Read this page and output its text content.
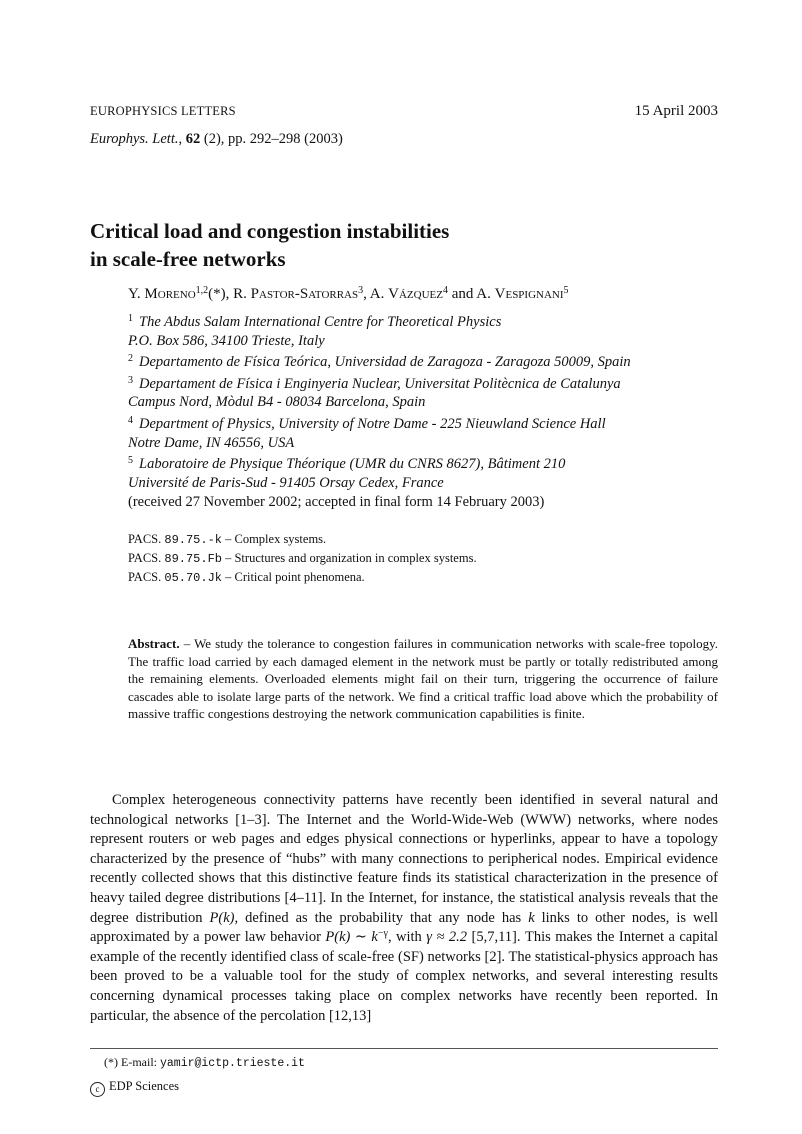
EUROPHYSICS LETTERS	15 April 2003
Europhys. Lett., 62 (2), pp. 292–298 (2003)
Critical load and congestion instabilities
in scale-free networks
Y. Moreno$^{1,2}$(*), R. Pastor-Satorras$^3$, A. Vázquez$^4$ and A. Vespignani$^5$
$^1$ The Abdus Salam International Centre for Theoretical Physics
P.O. Box 586, 34100 Trieste, Italy
$^2$ Departamento de Física Teórica, Universidad de Zaragoza - Zaragoza 50009, Spain
$^3$ Departament de Física i Enginyeria Nuclear, Universitat Politècnica de Catalunya
Campus Nord, Mòdul B4 - 08034 Barcelona, Spain
$^4$ Department of Physics, University of Notre Dame - 225 Nieuwland Science Hall
Notre Dame, IN 46556, USA
$^5$ Laboratoire de Physique Théorique (UMR du CNRS 8627), Bâtiment 210
Université de Paris-Sud - 91405 Orsay Cedex, France
(received 27 November 2002; accepted in final form 14 February 2003)
PACS. 89.75.-k – Complex systems.
PACS. 89.75.Fb – Structures and organization in complex systems.
PACS. 05.70.Jk – Critical point phenomena.
Abstract. – We study the tolerance to congestion failures in communication networks with scale-free topology. The traffic load carried by each damaged element in the network must be partly or totally redistributed among the remaining elements. Overloaded elements might fail on their turn, triggering the occurrence of failure cascades able to isolate large parts of the network. We find a critical traffic load above which the probability of massive traffic congestions destroying the network communication capabilities is finite.

Complex heterogeneous connectivity patterns have recently been identified in several natural and technological networks [1–3]. The Internet and the World-Wide-Web (WWW) networks, where nodes represent routers or web pages and edges physical connections or hyperlinks, appear to have a topology characterized by the presence of “hubs” with many connections to peripherical nodes. Empirical evidence recently collected shows that this distinctive feature finds its statistical characterization in the presence of heavy tailed degree distributions [4–11]. In the Internet, for instance, the statistical analysis reveals that the degree distribution P(k), defined as the probability that any node has k links to other nodes, is well approximated by a power law behavior P(k) ∼ $k^{-\gamma}$, with γ ≈ 2.2 [5,7,11]. This makes the Internet a capital example of the recently identified class of scale-free (SF) networks [2]. The statistical-physics approach has been proved to be a valuable tool for the study of complex networks, and several interesting results concerning dynamical processes taking place on complex networks have recently been reported. In particular, the absence of the percolation [12,13]

(*) E-mail: yamir@ictp.trieste.it
c EDP Sciences
